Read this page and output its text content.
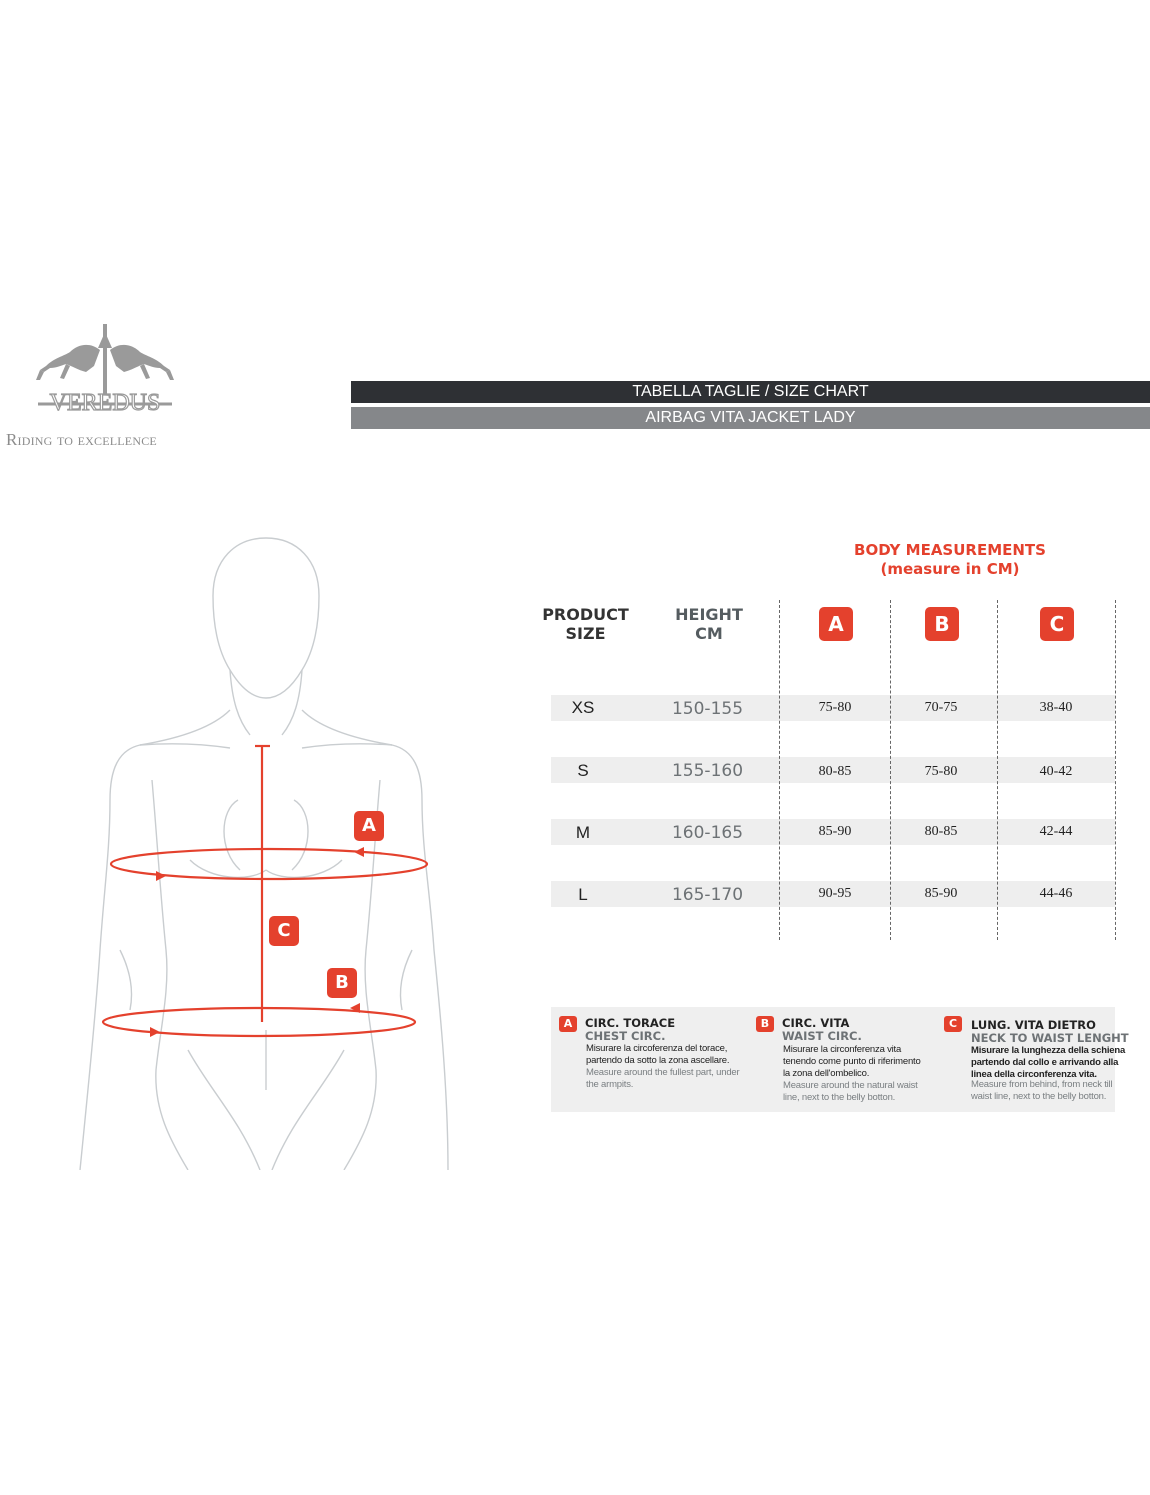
VEREDUS
Riding to excellence
TABELLA TAGLIE / SIZE CHART
AIRBAG VITA JACKET LADY
BODY MEASUREMENTS
(measure in CM)
PRODUCT
SIZE
HEIGHT
CM	A	B	C
XS	150-155	75-80	70-75	38-40
S	155-160	80-85	75-80	40-42
M	160-165	85-90	80-85	42-44
L	165-170	90-95	85-90	44-46
A	CIRC. TORACE
CHEST CIRC.
Misurare la circoferenza del torace,
partendo da sotto la zona ascellare.
Measure around the fullest part, under
the armpits.
B	CIRC. VITA
WAIST CIRC.
Misurare la circonferenza vita
tenendo come punto di riferimento
la zona dell'ombelico.
Measure around the natural waist
line, next to the belly botton.
C	LUNG. VITA DIETRO
NECK TO WAIST LENGHT
Misurare la lunghezza della schiena
partendo dal collo e arrivando alla
linea della circonferenza vita.
Measure from behind, from neck till
waist line, next to the belly botton.
A
B
C
